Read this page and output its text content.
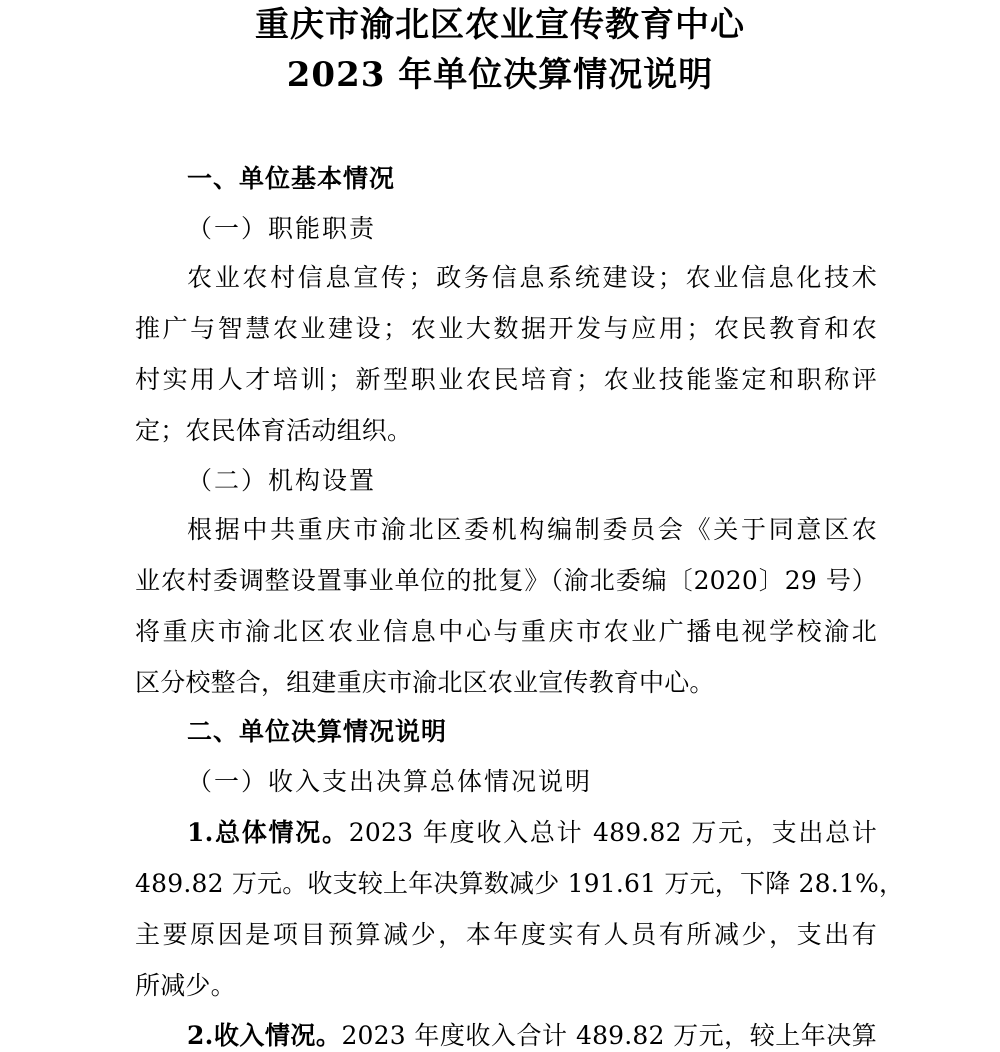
重庆市渝北区农业宣传教育中心
2023 年单位决算情况说明
一、单位基本情况
（一）职能职责
农业农村信息宣传；政务信息系统建设；农业信息化技术
推广与智慧农业建设；农业大数据开发与应用；农民教育和农
村实用人才培训；新型职业农民培育；农业技能鉴定和职称评
定；农民体育活动组织。
（二）机构设置
根据中共重庆市渝北区委机构编制委员会《关于同意区农
业农村委调整设置事业单位的批复》（渝北委编〔2020〕29 号）
将重庆市渝北区农业信息中心与重庆市农业广播电视学校渝北
区分校整合，组建重庆市渝北区农业宣传教育中心。
二、单位决算情况说明
（一）收入支出决算总体情况说明
1.总体情况。2023 年度收入总计 489.82 万元，支出总计
489.82 万元。收支较上年决算数减少 191.61 万元，下降 28.1%，
主要原因是项目预算减少，本年度实有人员有所减少，支出有
所减少。
2.收入情况。2023 年度收入合计 489.82 万元，较上年决算
